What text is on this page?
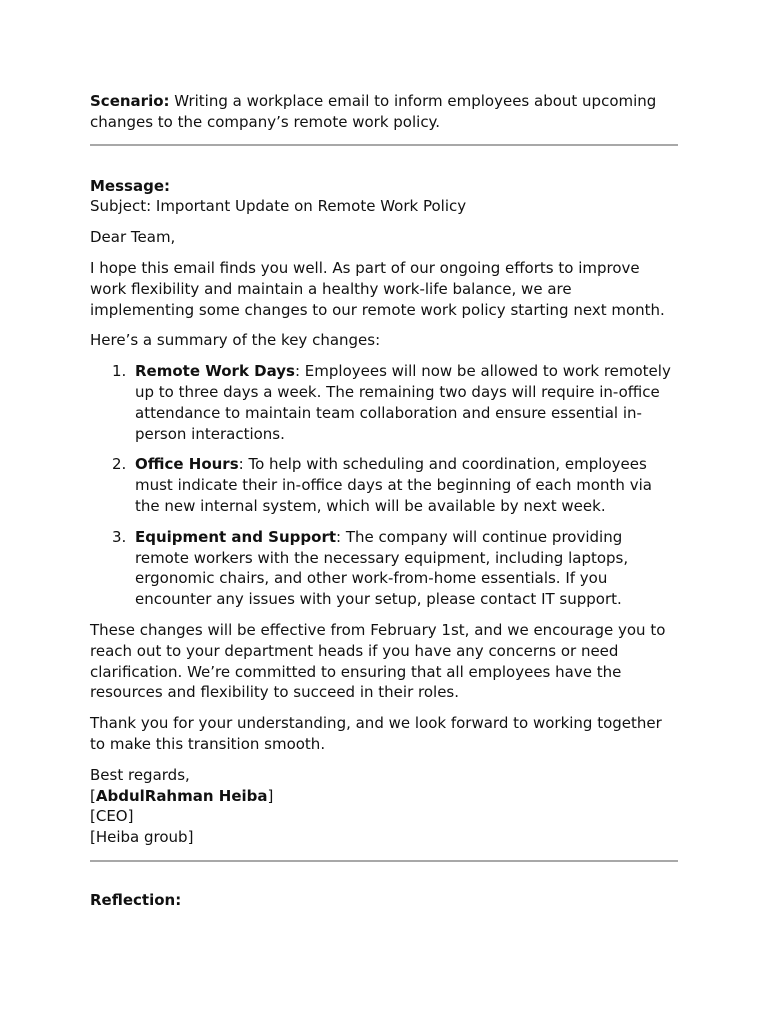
Scenario: Writing a workplace email to inform employees about upcoming changes to the company’s remote work policy.

Message:

Subject: Important Update on Remote Work Policy

Dear Team,

I hope this email finds you well. As part of our ongoing efforts to improve work flexibility and maintain a healthy work-life balance, we are implementing some changes to our remote work policy starting next month.

Here’s a summary of the key changes:

1. Remote Work Days: Employees will now be allowed to work remotely up to three days a week. The remaining two days will require in-office attendance to maintain team collaboration and ensure essential in-person interactions.
2. Office Hours: To help with scheduling and coordination, employees must indicate their in-office days at the beginning of each month via the new internal system, which will be available by next week.
3. Equipment and Support: The company will continue providing remote workers with the necessary equipment, including laptops, ergonomic chairs, and other work-from-home essentials. If you encounter any issues with your setup, please contact IT support.

These changes will be effective from February 1st, and we encourage you to reach out to your department heads if you have any concerns or need clarification. We’re committed to ensuring that all employees have the resources and flexibility to succeed in their roles.

Thank you for your understanding, and we look forward to working together to make this transition smooth.

Best regards,

[AbdulRahman Heiba]

[CEO]

[Heiba groub]

Reflection:
